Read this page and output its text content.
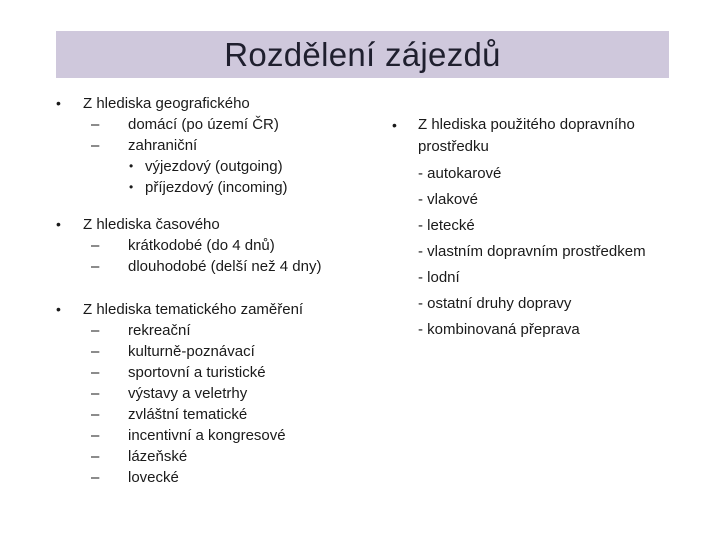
Rozdělení zájezdů
• Z hlediska geografického
– domácí (po území ČR)
– zahraniční
• výjezdový (outgoing)
• příjezdový (incoming)
• Z hlediska časového
– krátkodobé (do 4 dnů)
– dlouhodobé (delší než 4 dny)
• Z hlediska tematického zaměření
– rekreační
– kulturně-poznávací
– sportovní a turistické
– výstavy a veletrhy
– zvláštní tematické
– incentivní a kongresové
– lázeňské
– lovecké
• Z hlediska použitého dopravního prostředku
- autokarové
- vlakové
- letecké
- vlastním dopravním prostředkem
- lodní
- ostatní druhy dopravy
- kombinovaná přeprava
